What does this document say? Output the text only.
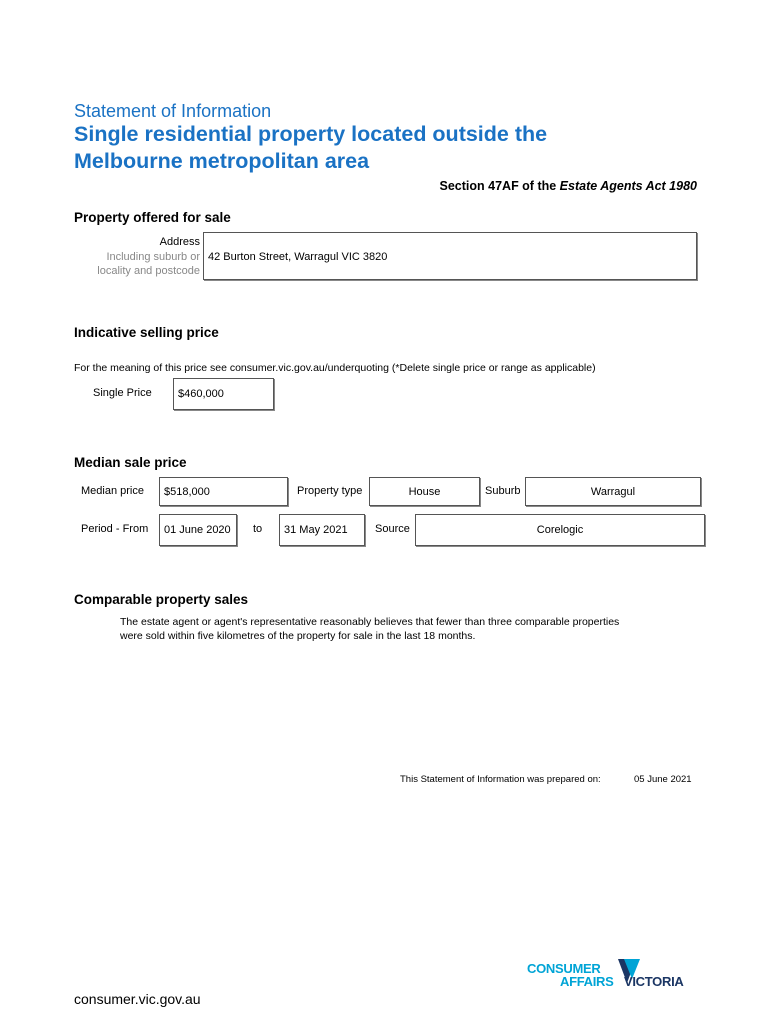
Statement of Information
Single residential property located outside the
Melbourne metropolitan area
Section 47AF of the Estate Agents Act 1980
Property offered for sale
Address
Including suburb or
locality and postcode
42 Burton Street, Warragul VIC 3820
Indicative selling price
For the meaning of this price see consumer.vic.gov.au/underquoting (*Delete single price or range as applicable)
Single Price	$460,000
Median sale price
Median price	$518,000	Property type	House	Suburb	Warragul
Period - From	01 June 2020	to	31 May 2021	Source	Corelogic
Comparable property sales
The estate agent or agent's representative reasonably believes that fewer than three comparable properties
were sold within five kilometres of the property for sale in the last 18 months.
This Statement of Information was prepared on:	05 June 2021
consumer.vic.gov.au
CONSUMER
AFFAIRS VICTORIA
